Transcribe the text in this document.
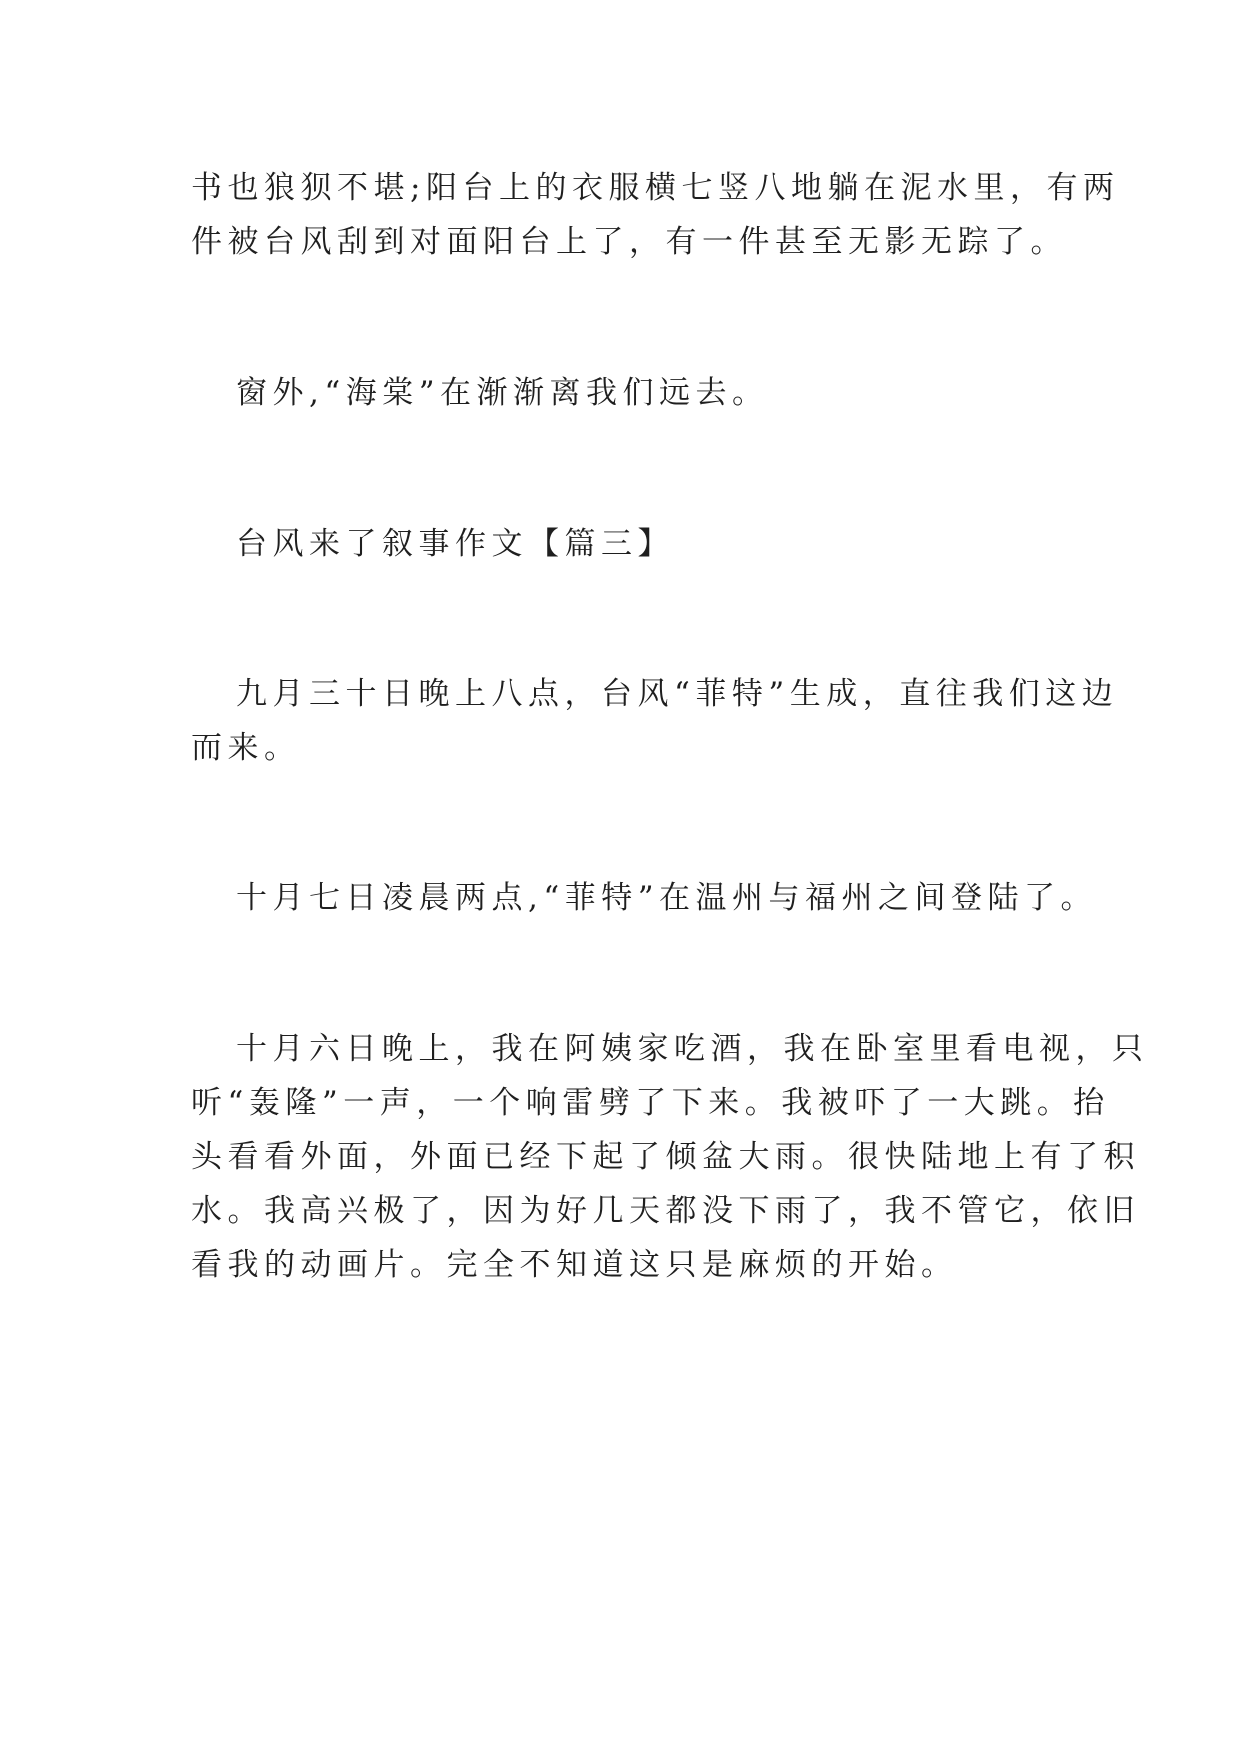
书也狼狈不堪;阳台上的衣服横七竖八地躺在泥水里，有两
件被台风刮到对面阳台上了，有一件甚至无影无踪了。
窗外,“海棠”在渐渐离我们远去。
台风来了叙事作文【篇三】
九月三十日晚上八点，台风“菲特”生成，直往我们这边
而来。
十月七日凌晨两点,“菲特”在温州与福州之间登陆了。
十月六日晚上，我在阿姨家吃酒，我在卧室里看电视，只
听“轰隆”一声，一个响雷劈了下来。我被吓了一大跳。抬
头看看外面，外面已经下起了倾盆大雨。很快陆地上有了积
水。我高兴极了，因为好几天都没下雨了，我不管它，依旧
看我的动画片。完全不知道这只是麻烦的开始。
